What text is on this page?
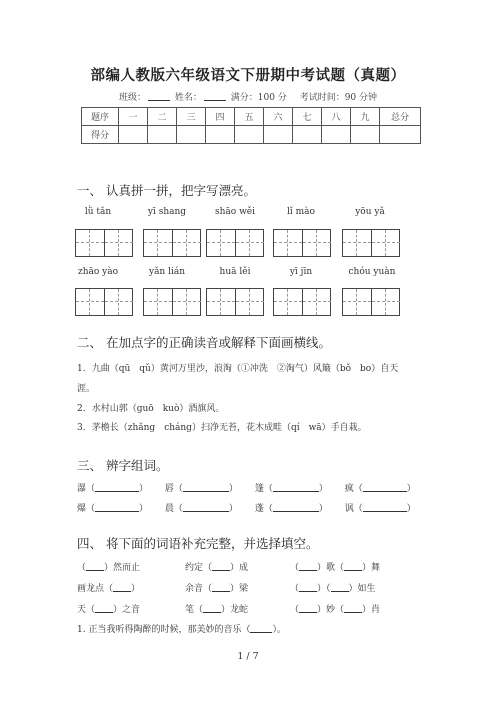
部编人教版六年级语文下册期中考试题（真题）
班级：	姓名：	满分：100 分 考试时间：90 分钟
题序	一	二	三	四	五	六	七	八	九	总分
得分										
一、 认真拼一拼，把字写漂亮。
lǜ tǎn	yī shang	shāo wěi	lǐ mào	yōu yǎ
zhāo yào	yǎn lián	huā lěi	yī jīn	chóu yuàn
二、 在加点字的正确读音或解释下面画横线。
1．九曲（qū　qǔ）黄河万里沙，浪淘（①冲洗　②淘气）风簸（bǒ　bo）自天
涯。
2．水村山郭（guō　kuò）酒旗风。
3．茅檐长（zhǎng　cháng）扫净无苔，花木成畦（qí　wā）手自栽。
三、 辨字组词。
瀑（	） 唇（	） 篷（	） 疯（	）
爆（	） 晨（	） 蓬（	） 讽（	）
四、 将下面的词语补充完整，并选择填空。
（ ）然而止	约定（ ）成	（ ）歌（ ）舞
画龙点（ ）	余音（ ）梁	（ ）（ ）如生
天（ ）之音	笔（ ）龙蛇	（ ）妙（ ）肖
1. 正当我听得陶醉的时候，那美妙的音乐（ ）。
1 / 7
